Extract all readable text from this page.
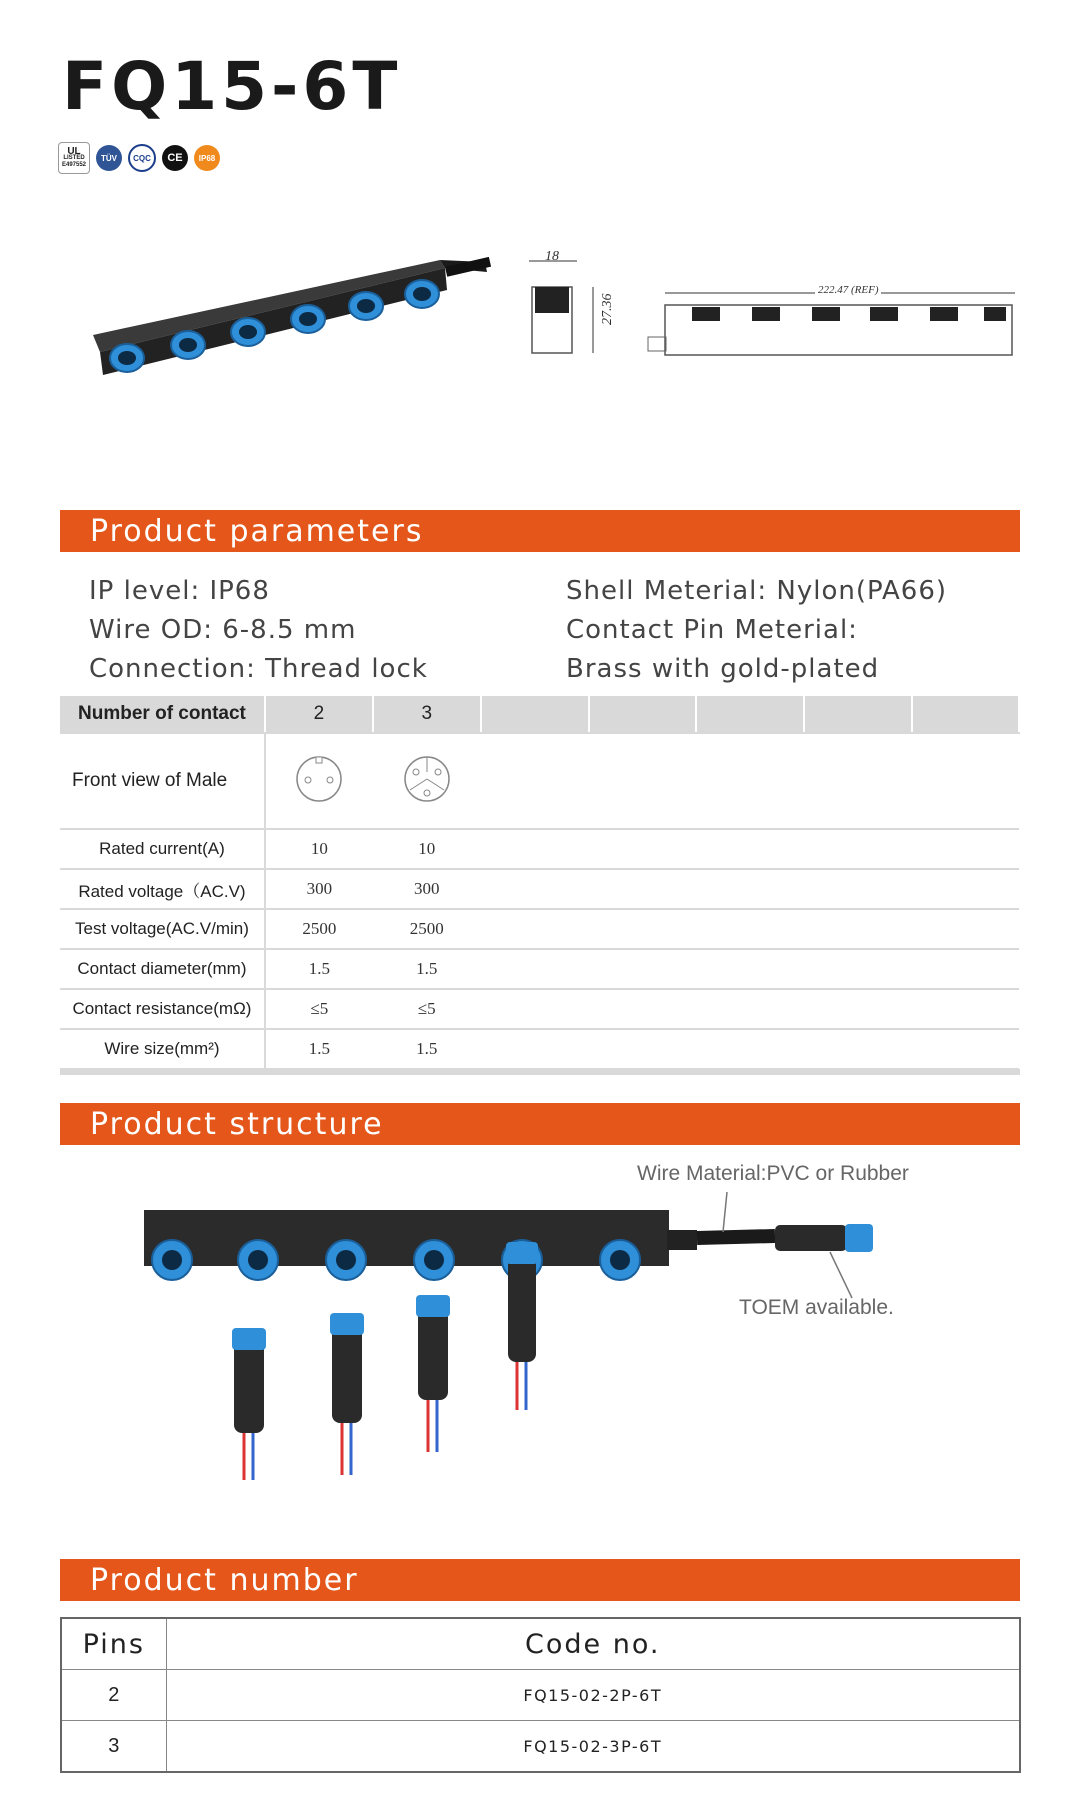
FQ15-6T
UL
LISTED
E497552
TÜV CQC CE IP68
18
27.36
222.47 (REF)
Product parameters
IP level: IP68
Wire OD: 6-8.5 mm
Connection: Thread lock
Shell Meterial: Nylon(PA66)
Contact Pin Meterial:
Brass with gold-plated
Number of contact	2	3					
Front view of Male							
Rated current(A)	10	10					
Rated voltage（AC.V)	300	300					
Test voltage(AC.V/min)	2500	2500					
Contact diameter(mm)	1.5	1.5					
Contact resistance(mΩ)	≤5	≤5					
Wire size(mm²)	1.5	1.5					
Product structure
Wire Material:PVC or Rubber
TOEM available.
Product number
Pins	Code no.
2	FQ15-02-2P-6T
3	FQ15-02-3P-6T
